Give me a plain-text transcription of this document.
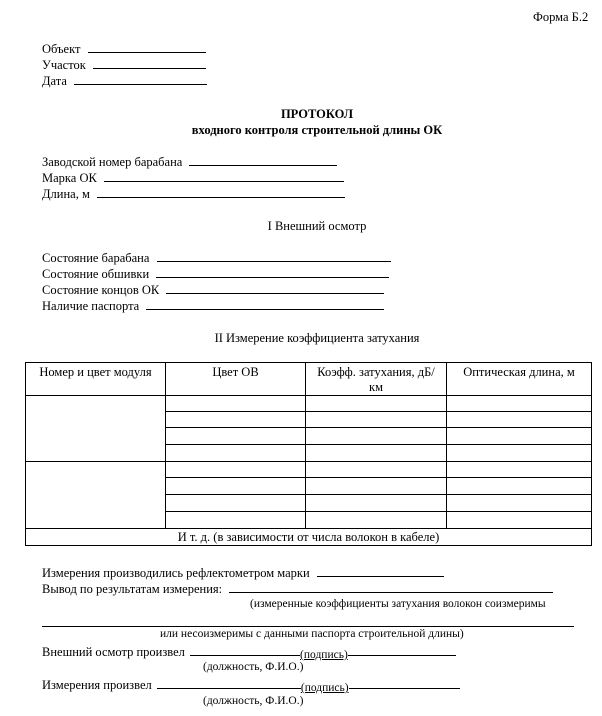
Форма Б.2
Объект
Участок
Дата
ПРОТОКОЛ
входного контроля строительной длины ОК
Заводской номер барабана
Марка ОК
Длина, м
I Внешний осмотр
Состояние барабана
Состояние обшивки
Состояние концов ОК
Наличие паспорта
II Измерение коэффициента затухания
Номер и цвет модуля	Цвет ОВ	Коэфф. затухания, дБ/км	Оптическая длина, м

И т. д. (в зависимости от числа волокон в кабеле)			
Измерения производились рефлектометром марки
Вывод по результатам измерения:
(измеренные коэффициенты затухания волокон соизмеримы
или несоизмеримы с данными паспорта строительной длины)
Внешний осмотр произвел	(подпись)
(должность, Ф.И.О.)
Измерения произвел	(подпись)
(должность, Ф.И.О.)
